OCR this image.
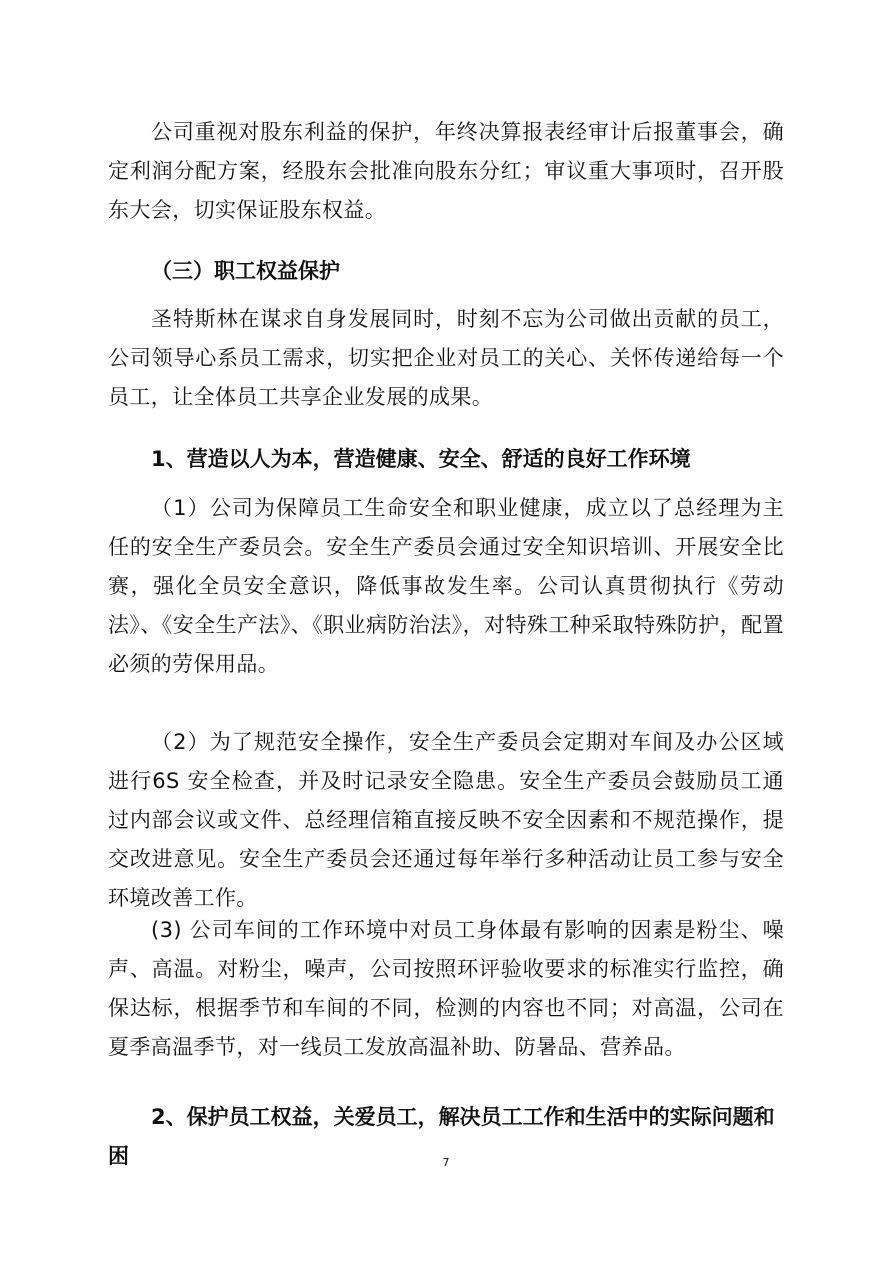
公司重视对股东利益的保护，年终决算报表经审计后报董事会，确定利润分配方案，经股东会批准向股东分红；审议重大事项时，召开股东大会，切实保证股东权益。

（三）职工权益保护

圣特斯林在谋求自身发展同时，时刻不忘为公司做出贡献的员工，公司领导心系员工需求，切实把企业对员工的关心、关怀传递给每一个员工，让全体员工共享企业发展的成果。

1、营造以人为本，营造健康、安全、舒适的良好工作环境

（1）公司为保障员工生命安全和职业健康，成立以了总经理为主任的安全生产委员会。安全生产委员会通过安全知识培训、开展安全比赛，强化全员安全意识，降低事故发生率。公司认真贯彻执行《劳动法》、《安全生产法》、《职业病防治法》，对特殊工种采取特殊防护，配置必须的劳保用品。

（2）为了规范安全操作，安全生产委员会定期对车间及办公区域进行6S 安全检查，并及时记录安全隐患。安全生产委员会鼓励员工通过内部会议或文件、总经理信箱直接反映不安全因素和不规范操作，提交改进意见。安全生产委员会还通过每年举行多种活动让员工参与安全环境改善工作。

(3) 公司车间的工作环境中对员工身体最有影响的因素是粉尘、噪声、高温。对粉尘，噪声，公司按照环评验收要求的标准实行监控，确保达标，根据季节和车间的不同，检测的内容也不同；对高温，公司在夏季高温季节，对一线员工发放高温补助、防暑品、营养品。

2、保护员工权益，关爱员工，解决员工工作和生活中的实际问题和困	7
